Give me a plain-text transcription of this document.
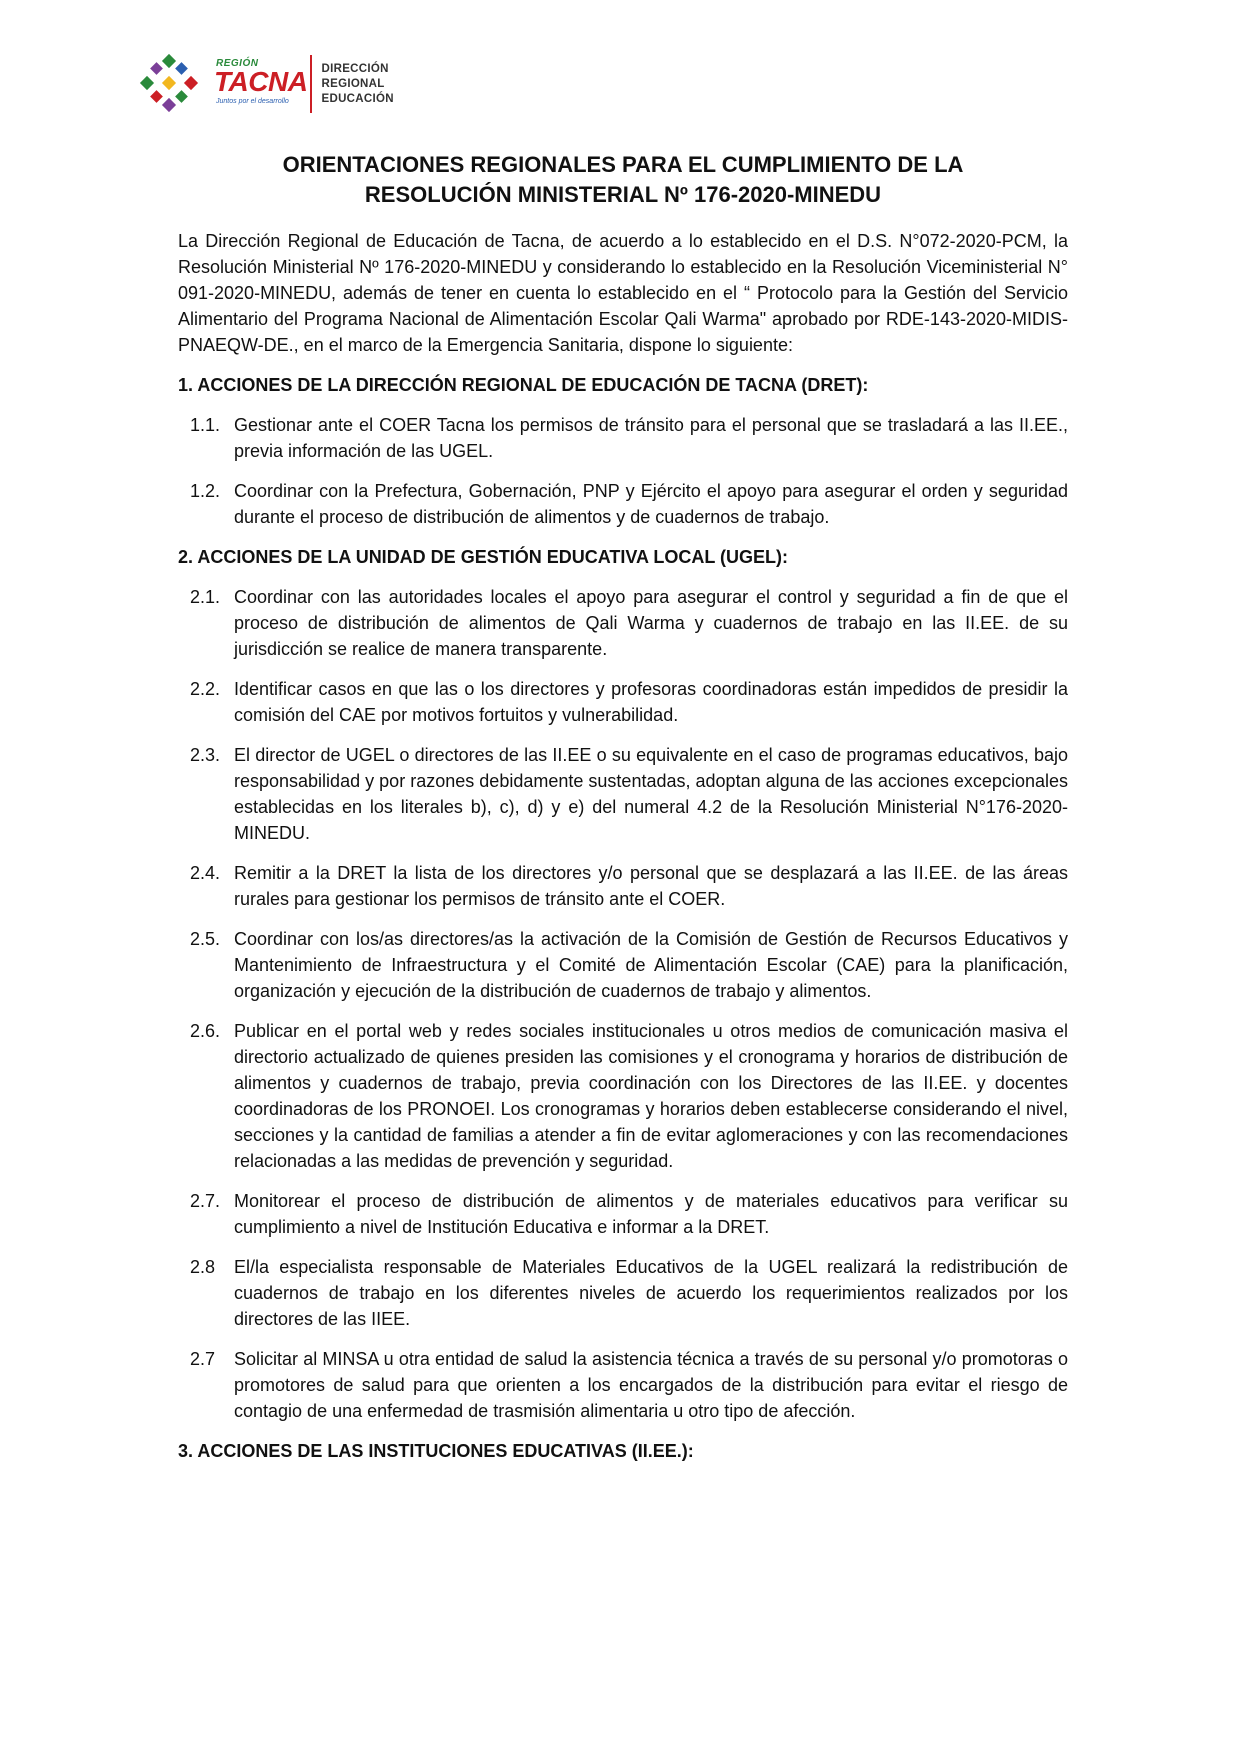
REGIÓN
TACNA
Juntos por el desarrollo
DIRECCIÓN
REGIONAL
EDUCACIÓN
ORIENTACIONES REGIONALES PARA EL CUMPLIMIENTO DE LA
RESOLUCIÓN MINISTERIAL Nº 176-2020-MINEDU

La Dirección Regional de Educación de Tacna, de acuerdo a lo establecido en el D.S. N°072-2020-PCM, la Resolución Ministerial Nº 176-2020-MINEDU y considerando lo establecido en la Resolución Viceministerial N° 091-2020-MINEDU, además de tener en cuenta lo establecido en el “ Protocolo para la Gestión del Servicio Alimentario del Programa Nacional de Alimentación Escolar Qali Warma" aprobado por RDE-143-2020-MIDIS-PNAEQW-DE., en el marco de la Emergencia Sanitaria, dispone lo siguiente:

1. ACCIONES DE LA DIRECCIÓN REGIONAL DE EDUCACIÓN DE TACNA (DRET):
1.1. Gestionar ante el COER Tacna los permisos de tránsito para el personal que se trasladará a las II.EE., previa información de las UGEL.
1.2. Coordinar con la Prefectura, Gobernación, PNP y Ejército el apoyo para asegurar el orden y seguridad durante el proceso de distribución de alimentos y de cuadernos de trabajo.
2. ACCIONES DE LA UNIDAD DE GESTIÓN EDUCATIVA LOCAL (UGEL):
2.1. Coordinar con las autoridades locales el apoyo para asegurar el control y seguridad a fin de que el proceso de distribución de alimentos de Qali Warma y cuadernos de trabajo en las II.EE. de su jurisdicción se realice de manera transparente.
2.2. Identificar casos en que las o los directores y profesoras coordinadoras están impedidos de presidir la comisión del CAE por motivos fortuitos y vulnerabilidad.
2.3. El director de UGEL o directores de las II.EE o su equivalente en el caso de programas educativos, bajo responsabilidad y por razones debidamente sustentadas, adoptan alguna de las acciones excepcionales establecidas en los literales b), c), d) y e) del numeral 4.2 de la Resolución Ministerial N°176-2020-MINEDU.
2.4. Remitir a la DRET la lista de los directores y/o personal que se desplazará a las II.EE. de las áreas rurales para gestionar los permisos de tránsito ante el COER.
2.5. Coordinar con los/as directores/as la activación de la Comisión de Gestión de Recursos Educativos y Mantenimiento de Infraestructura y el Comité de Alimentación Escolar (CAE) para la planificación, organización y ejecución de la distribución de cuadernos de trabajo y alimentos.
2.6. Publicar en el portal web y redes sociales institucionales u otros medios de comunicación masiva el directorio actualizado de quienes presiden las comisiones y el cronograma y horarios de distribución de alimentos y cuadernos de trabajo, previa coordinación con los Directores de las II.EE. y docentes coordinadoras de los PRONOEI. Los cronogramas y horarios deben establecerse considerando el nivel, secciones y la cantidad de familias a atender a fin de evitar aglomeraciones y con las recomendaciones relacionadas a las medidas de prevención y seguridad.
2.7. Monitorear el proceso de distribución de alimentos y de materiales educativos para verificar su cumplimiento a nivel de Institución Educativa e informar a la DRET.
2.8	El/la especialista responsable de Materiales Educativos de la UGEL realizará la redistribución de cuadernos de trabajo en los diferentes niveles de acuerdo los requerimientos realizados por los directores de las IIEE.
2.7	Solicitar al MINSA u otra entidad de salud la asistencia técnica a través de su personal y/o promotoras o promotores de salud para que orienten a los encargados de la distribución para evitar el riesgo de contagio de una enfermedad de trasmisión alimentaria u otro tipo de afección.
3. ACCIONES DE LAS INSTITUCIONES EDUCATIVAS (II.EE.):
